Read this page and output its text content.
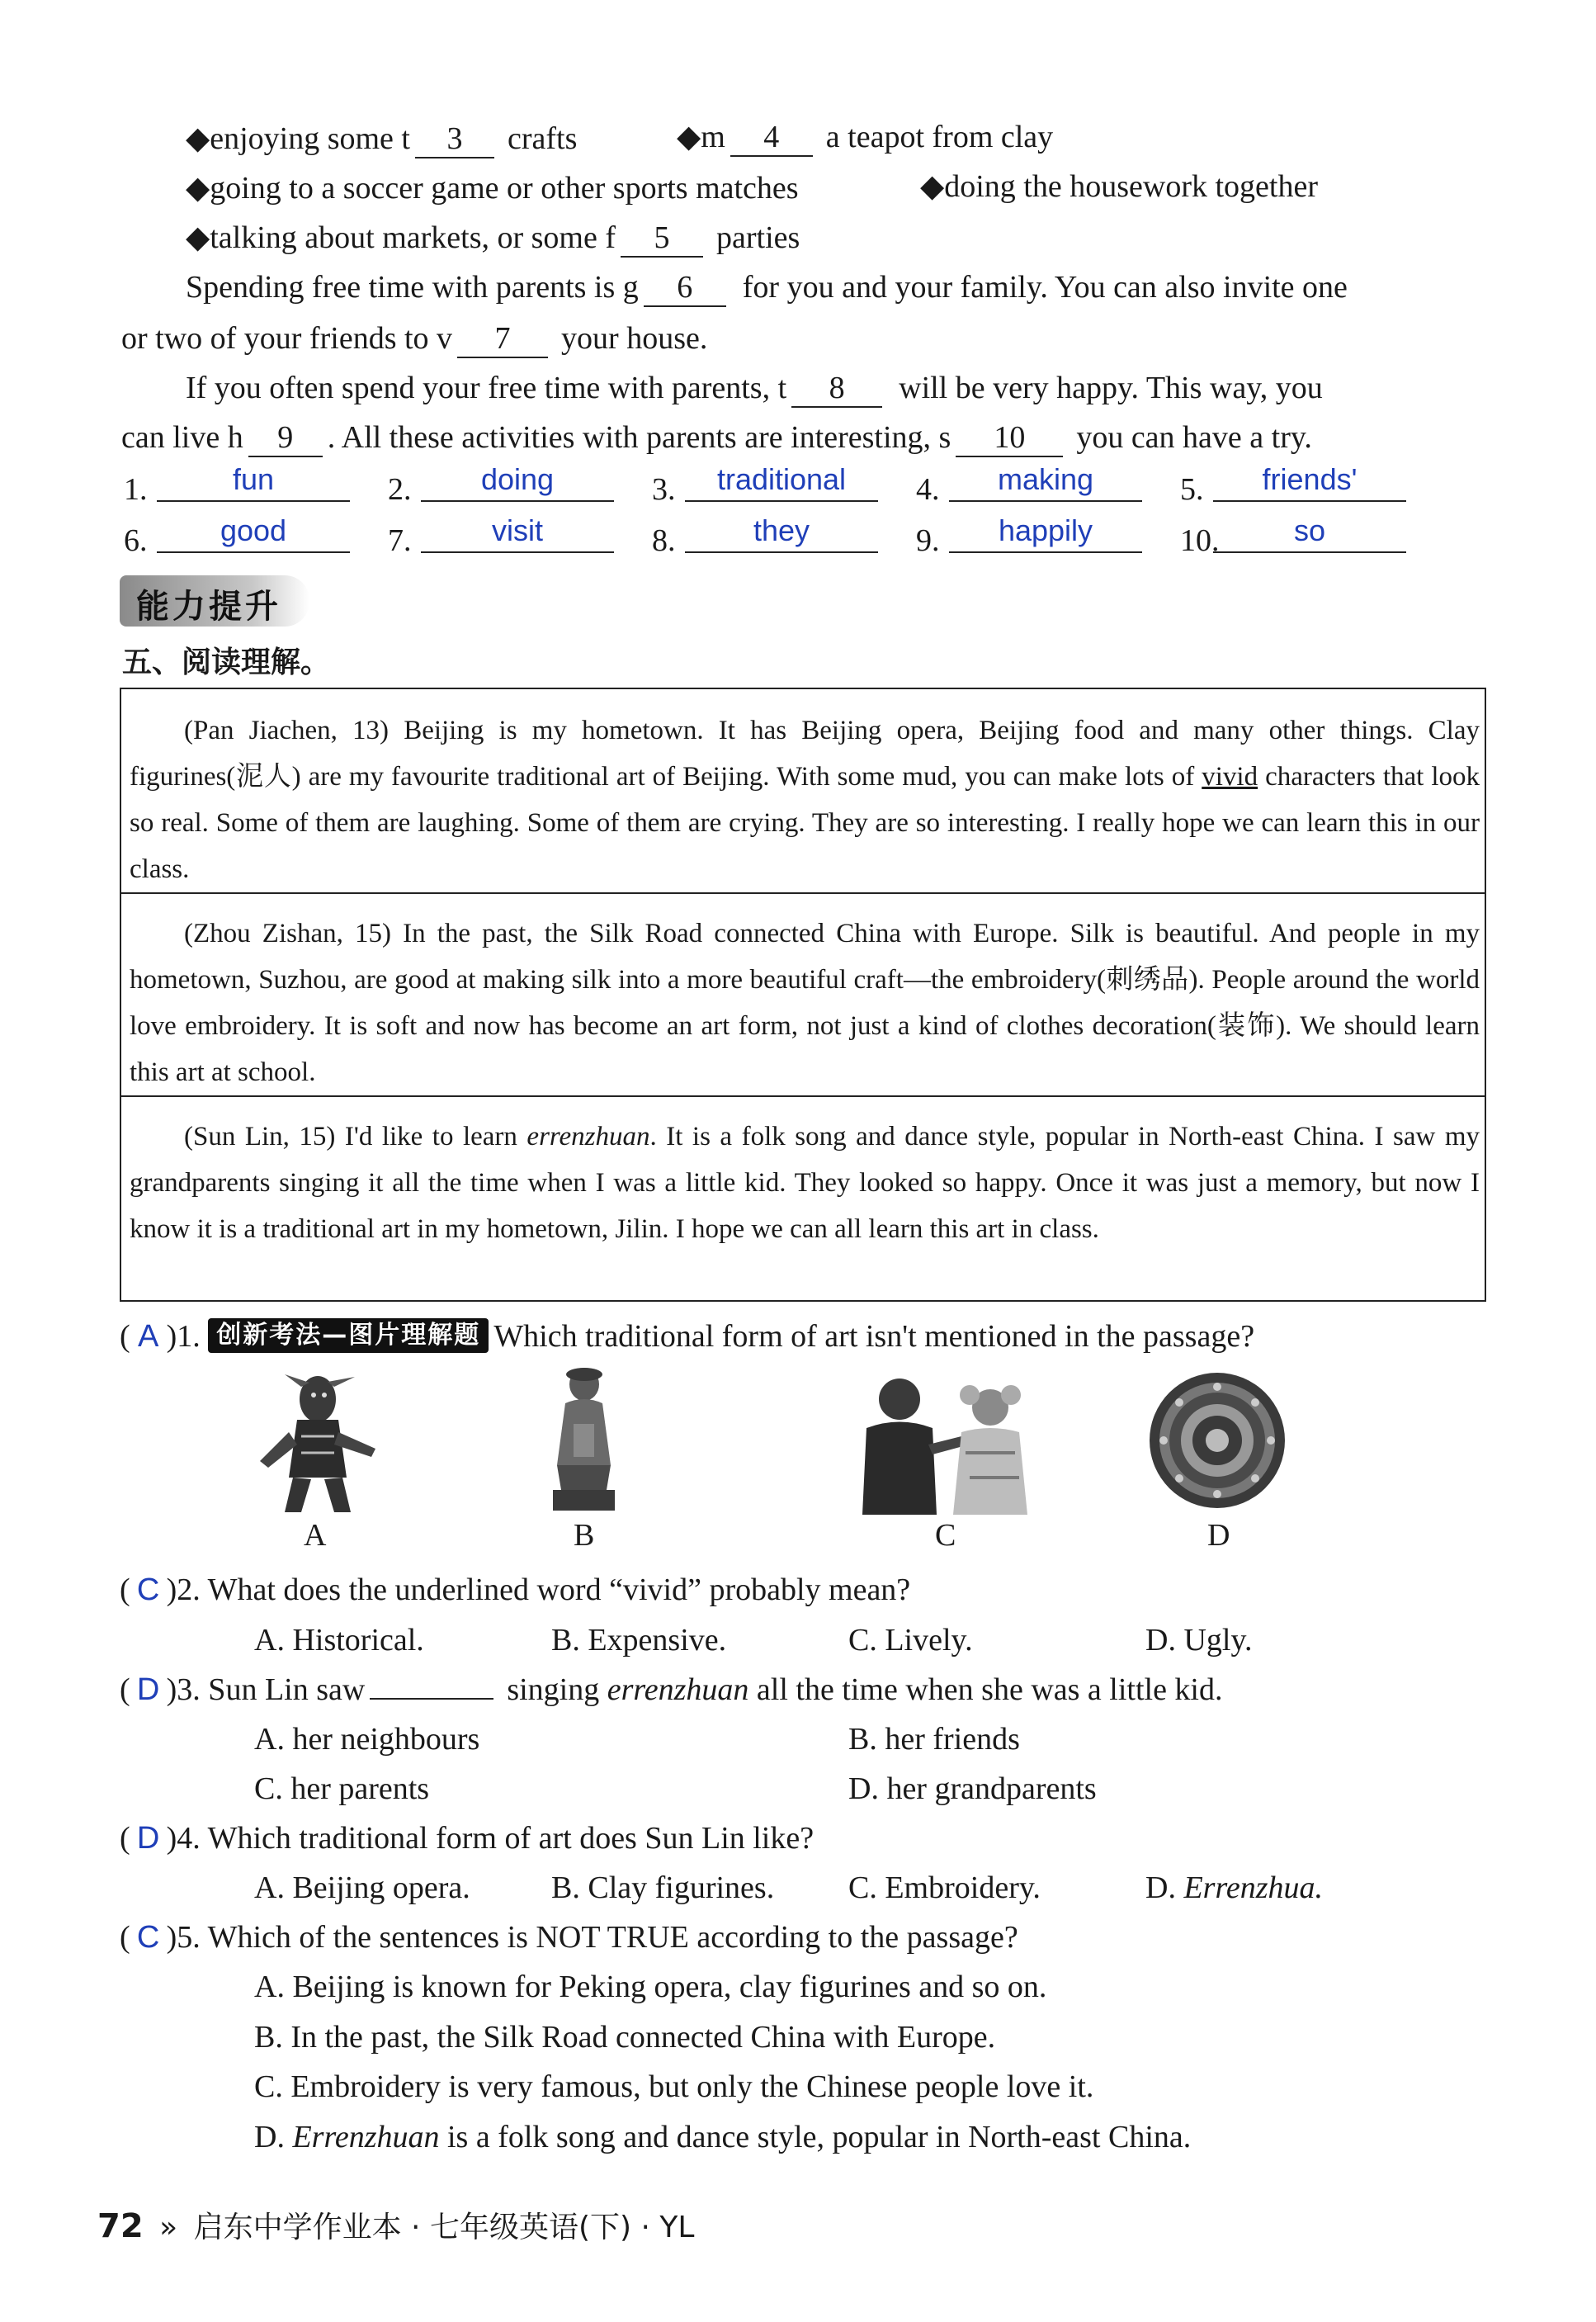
◆enjoying some t 3 crafts	◆m 4 a teapot from clay
◆going to a soccer game or other sports matches	◆doing the housework together
◆talking about markets, or some f 5 parties
Spending free time with parents is g 6 for you and your family. You can also invite one
or two of your friends to v 7 your house.
If you often spend your free time with parents, t 8 will be very happy. This way, you
can live h 9 . All these activities with parents are interesting, s 10 you can have a try.
1.	fun	2. doing	3. traditional	4. making	5. friends'
6. good	7.	visit	8.	they	9. happily	10.	so
能力提升
五、阅读理解。

(Pan Jiachen, 13) Beijing is my hometown. It has Beijing opera, Beijing food and many other things. Clay figurines(泥人) are my favourite traditional art of Beijing. With some mud, you can make lots of vivid characters that look so real. Some of them are laughing. Some of them are crying. They are so interesting. I really hope we can learn this in our class.

(Zhou Zishan, 15) In the past, the Silk Road connected China with Europe. Silk is beautiful. And people in my hometown, Suzhou, are good at making silk into a more beautiful craft—the embroidery(刺绣品). People around the world love embroidery. It is soft and now has become an art form, not just a kind of clothes decoration(装饰). We should learn this art at school.

(Sun Lin, 15) I'd like to learn errenzhuan. It is a folk song and dance style, popular in North-east China. I saw my grandparents singing it all the time when I was a little kid. They looked so happy. Once it was just a memory, but now I know it is a traditional art in my hometown, Jilin. I hope we can all learn this art in class.

( A )1. 创新考法—图片理解题 Which traditional form of art isn't mentioned in the passage?
A	B	C	D
( C )2. What does the underlined word “vivid” probably mean?
A. Historical.	B. Expensive.	C. Lively.	D. Ugly.
( D )3. Sun Lin saw	singing errenzhuan all the time when she was a little kid.
A. her neighbours	B. her friends
C. her parents	D. her grandparents
( D )4. Which traditional form of art does Sun Lin like?
A. Beijing opera.	B. Clay figurines. C. Embroidery.	D. Errenzhua.
( C )5. Which of the sentences is NOT TRUE according to the passage?
A. Beijing is known for Peking opera, clay figurines and so on.
B. In the past, the Silk Road connected China with Europe.
C. Embroidery is very famous, but only the Chinese people love it.
D. Errenzhuan is a folk song and dance style, popular in North-east China.
72 » 启东中学作业本 · 七年级英语(下) · YL
